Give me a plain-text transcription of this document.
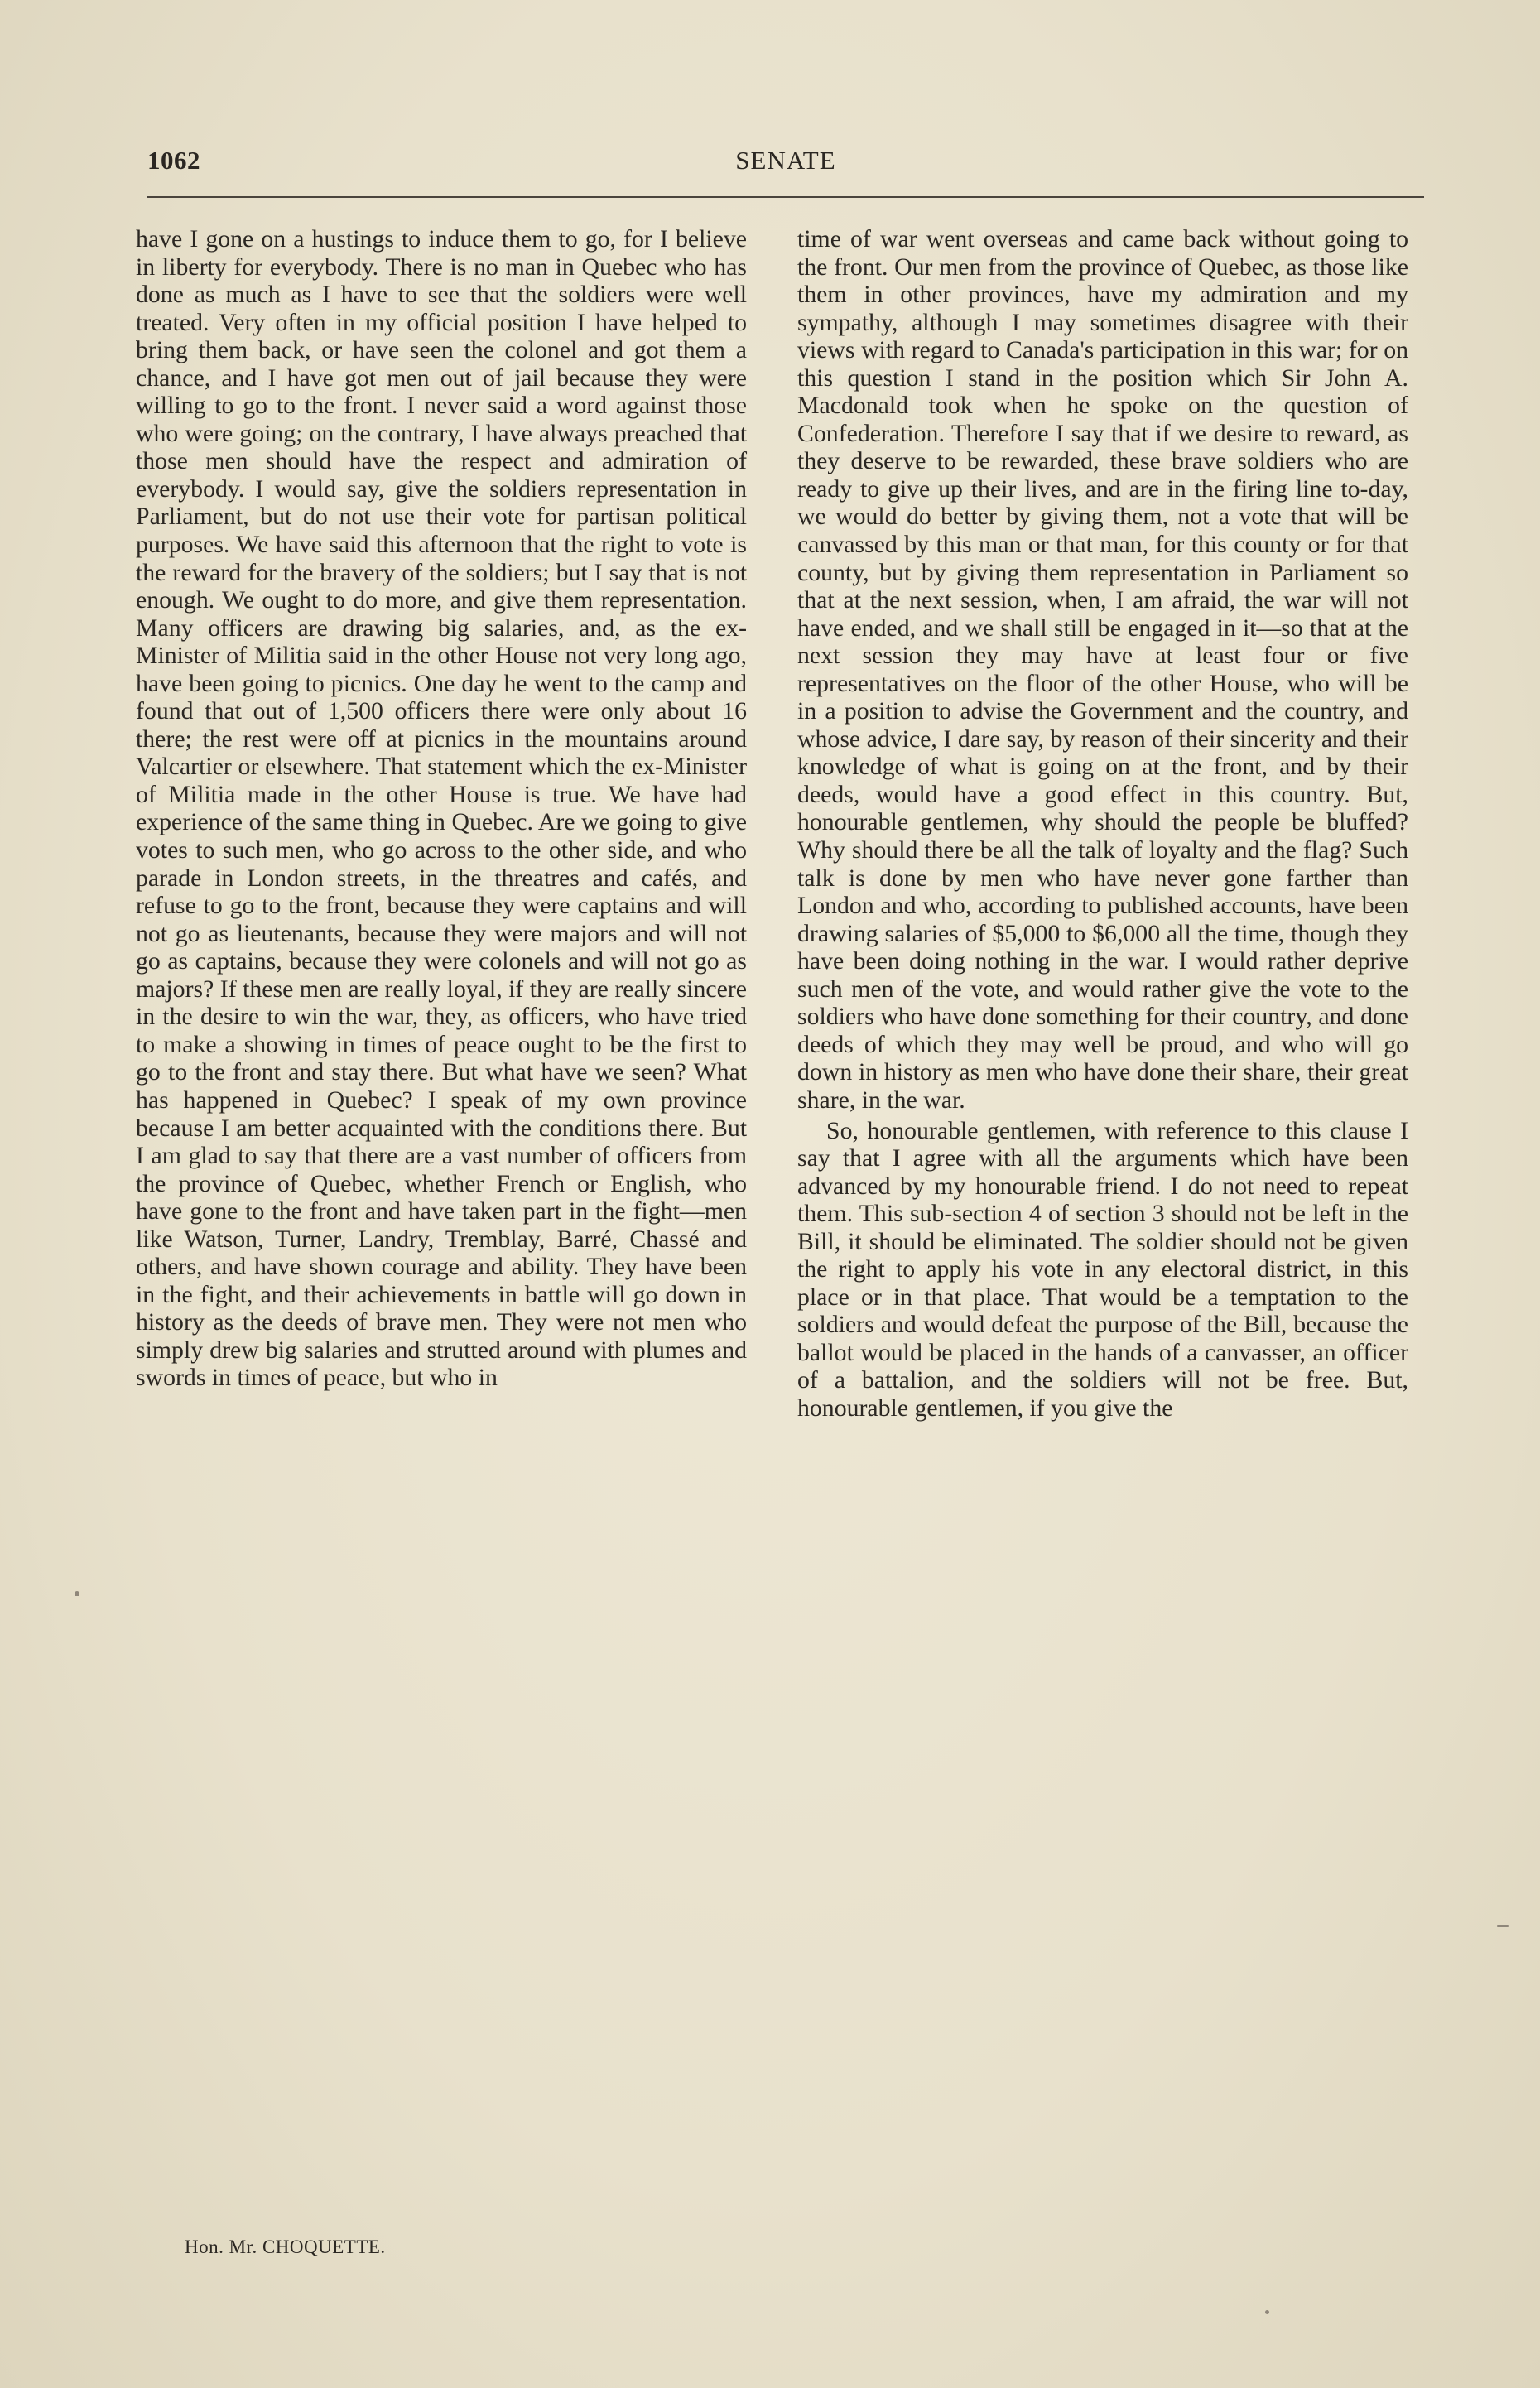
1062	SENATE

have I gone on a hustings to induce them to go, for I believe in liberty for everybody. There is no man in Quebec who has done as much as I have to see that the soldiers were well treated. Very often in my official position I have helped to bring them back, or have seen the colonel and got them a chance, and I have got men out of jail because they were willing to go to the front. I never said a word against those who were going; on the contrary, I have always preached that those men should have the respect and admiration of everybody. I would say, give the soldiers representation in Parliament, but do not use their vote for partisan political purposes. We have said this afternoon that the right to vote is the reward for the bravery of the soldiers; but I say that is not enough. We ought to do more, and give them representation. Many officers are drawing big salaries, and, as the ex-Minister of Militia said in the other House not very long ago, have been going to picnics. One day he went to the camp and found that out of 1,500 officers there were only about 16 there; the rest were off at picnics in the mountains around Valcartier or elsewhere. That statement which the ex-Minister of Militia made in the other House is true. We have had experience of the same thing in Quebec. Are we going to give votes to such men, who go across to the other side, and who parade in London streets, in the threatres and cafés, and refuse to go to the front, because they were captains and will not go as lieutenants, because they were majors and will not go as captains, because they were colonels and will not go as majors? If these men are really loyal, if they are really sincere in the desire to win the war, they, as officers, who have tried to make a showing in times of peace ought to be the first to go to the front and stay there. But what have we seen? What has happened in Quebec? I speak of my own province because I am better acquainted with the conditions there. But I am glad to say that there are a vast number of officers from the province of Quebec, whether French or English, who have gone to the front and have taken part in the fight—men like Watson, Turner, Landry, Tremblay, Barré, Chassé and others, and have shown courage and ability. They have been in the fight, and their achievements in battle will go down in history as the deeds of brave men. They were not men who simply drew big salaries and strutted around with plumes and swords in times of peace, but who in

time of war went overseas and came back without going to the front. Our men from the province of Quebec, as those like them in other provinces, have my admiration and my sympathy, although I may sometimes disagree with their views with regard to Canada's participation in this war; for on this question I stand in the position which Sir John A. Macdonald took when he spoke on the question of Confederation. Therefore I say that if we desire to reward, as they deserve to be rewarded, these brave soldiers who are ready to give up their lives, and are in the firing line to-day, we would do better by giving them, not a vote that will be canvassed by this man or that man, for this county or for that county, but by giving them representation in Parliament so that at the next session, when, I am afraid, the war will not have ended, and we shall still be engaged in it—so that at the next session they may have at least four or five representatives on the floor of the other House, who will be in a position to advise the Government and the country, and whose advice, I dare say, by reason of their sincerity and their knowledge of what is going on at the front, and by their deeds, would have a good effect in this country. But, honourable gentlemen, why should the people be bluffed? Why should there be all the talk of loyalty and the flag? Such talk is done by men who have never gone farther than London and who, according to published accounts, have been drawing salaries of $5,000 to $6,000 all the time, though they have been doing nothing in the war. I would rather deprive such men of the vote, and would rather give the vote to the soldiers who have done something for their country, and done deeds of which they may well be proud, and who will go down in history as men who have done their share, their great share, in the war.

So, honourable gentlemen, with reference to this clause I say that I agree with all the arguments which have been advanced by my honourable friend. I do not need to repeat them. This sub-section 4 of section 3 should not be left in the Bill, it should be eliminated. The soldier should not be given the right to apply his vote in any electoral district, in this place or in that place. That would be a temptation to the soldiers and would defeat the purpose of the Bill, because the ballot would be placed in the hands of a canvasser, an officer of a battalion, and the soldiers will not be free. But, honourable gentlemen, if you give the

Hon. Mr. CHOQUETTE.
